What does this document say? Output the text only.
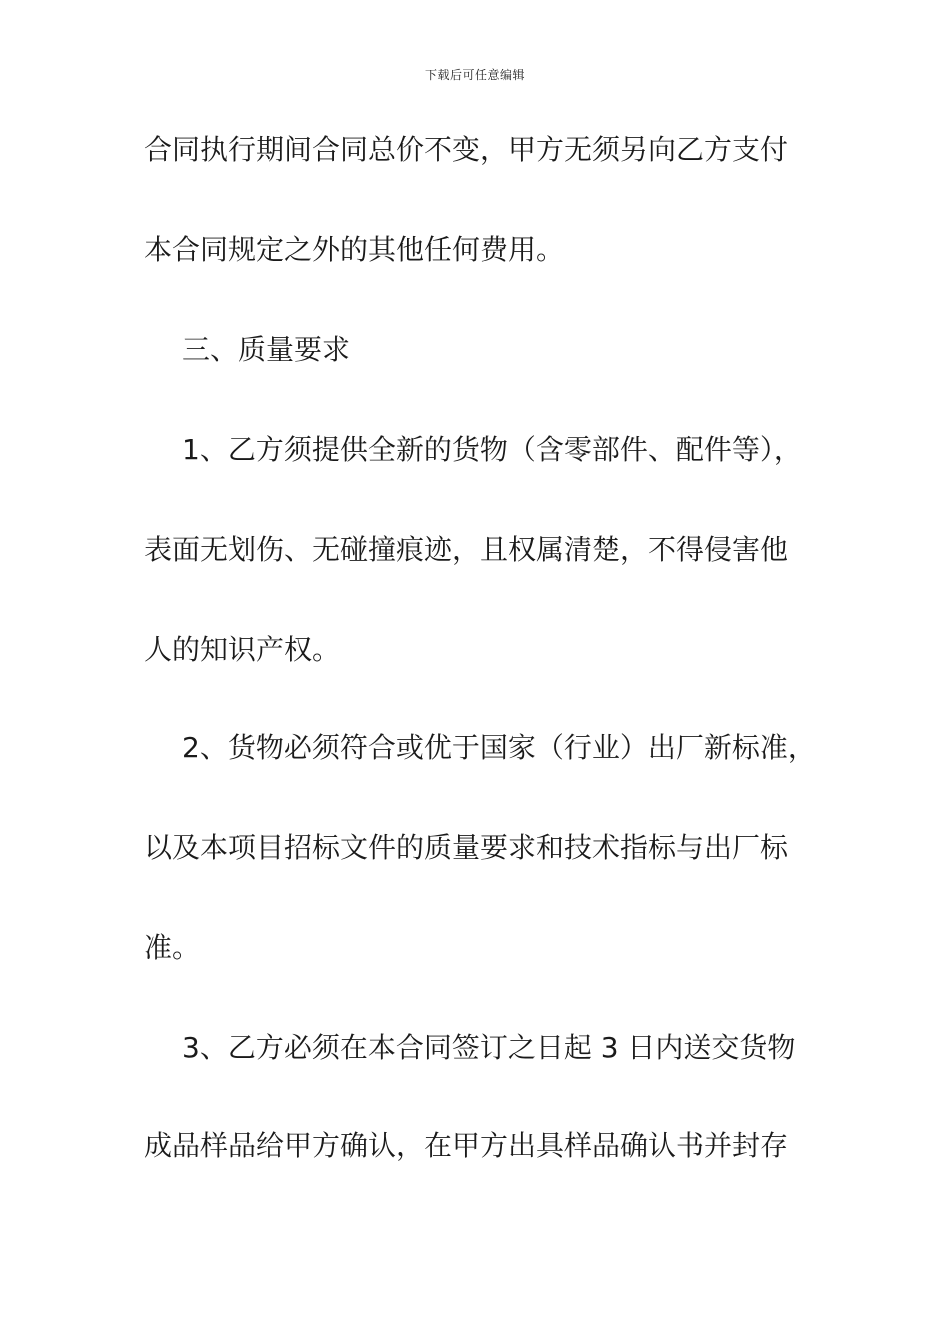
下载后可任意编辑
合同执行期间合同总价不变，甲方无须另向乙方支付
本合同规定之外的其他任何费用。
三、质量要求
1、乙方须提供全新的货物（含零部件、配件等），
表面无划伤、无碰撞痕迹，且权属清楚，不得侵害他
人的知识产权。
2、货物必须符合或优于国家（行业）出厂新标准，
以及本项目招标文件的质量要求和技术指标与出厂标
准。
3、乙方必须在本合同签订之日起 3 日内送交货物
成品样品给甲方确认，在甲方出具样品确认书并封存
